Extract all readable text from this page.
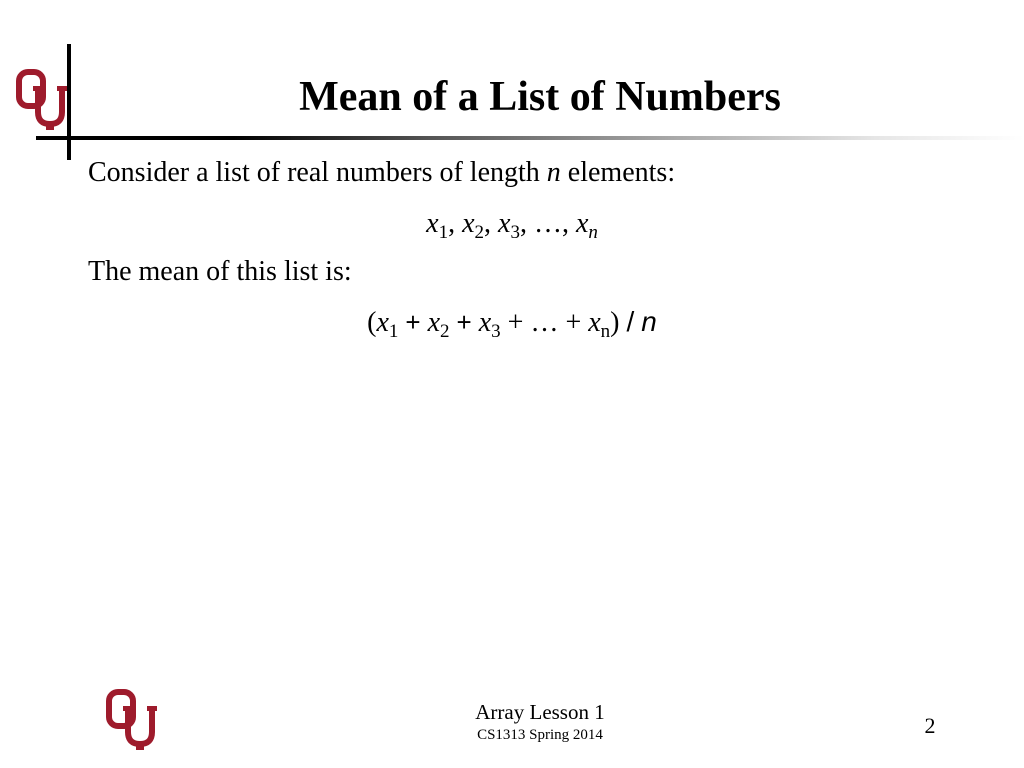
Mean of a List of Numbers
Consider a list of real numbers of length n elements:
$x_1$, $x_2$, $x_3$, …, $x_n$
The mean of this list is:
($x_1 + x_2 + x_3$ + … + $x_n$) / n
Array Lesson 1
CS1313 Spring 2014	2
